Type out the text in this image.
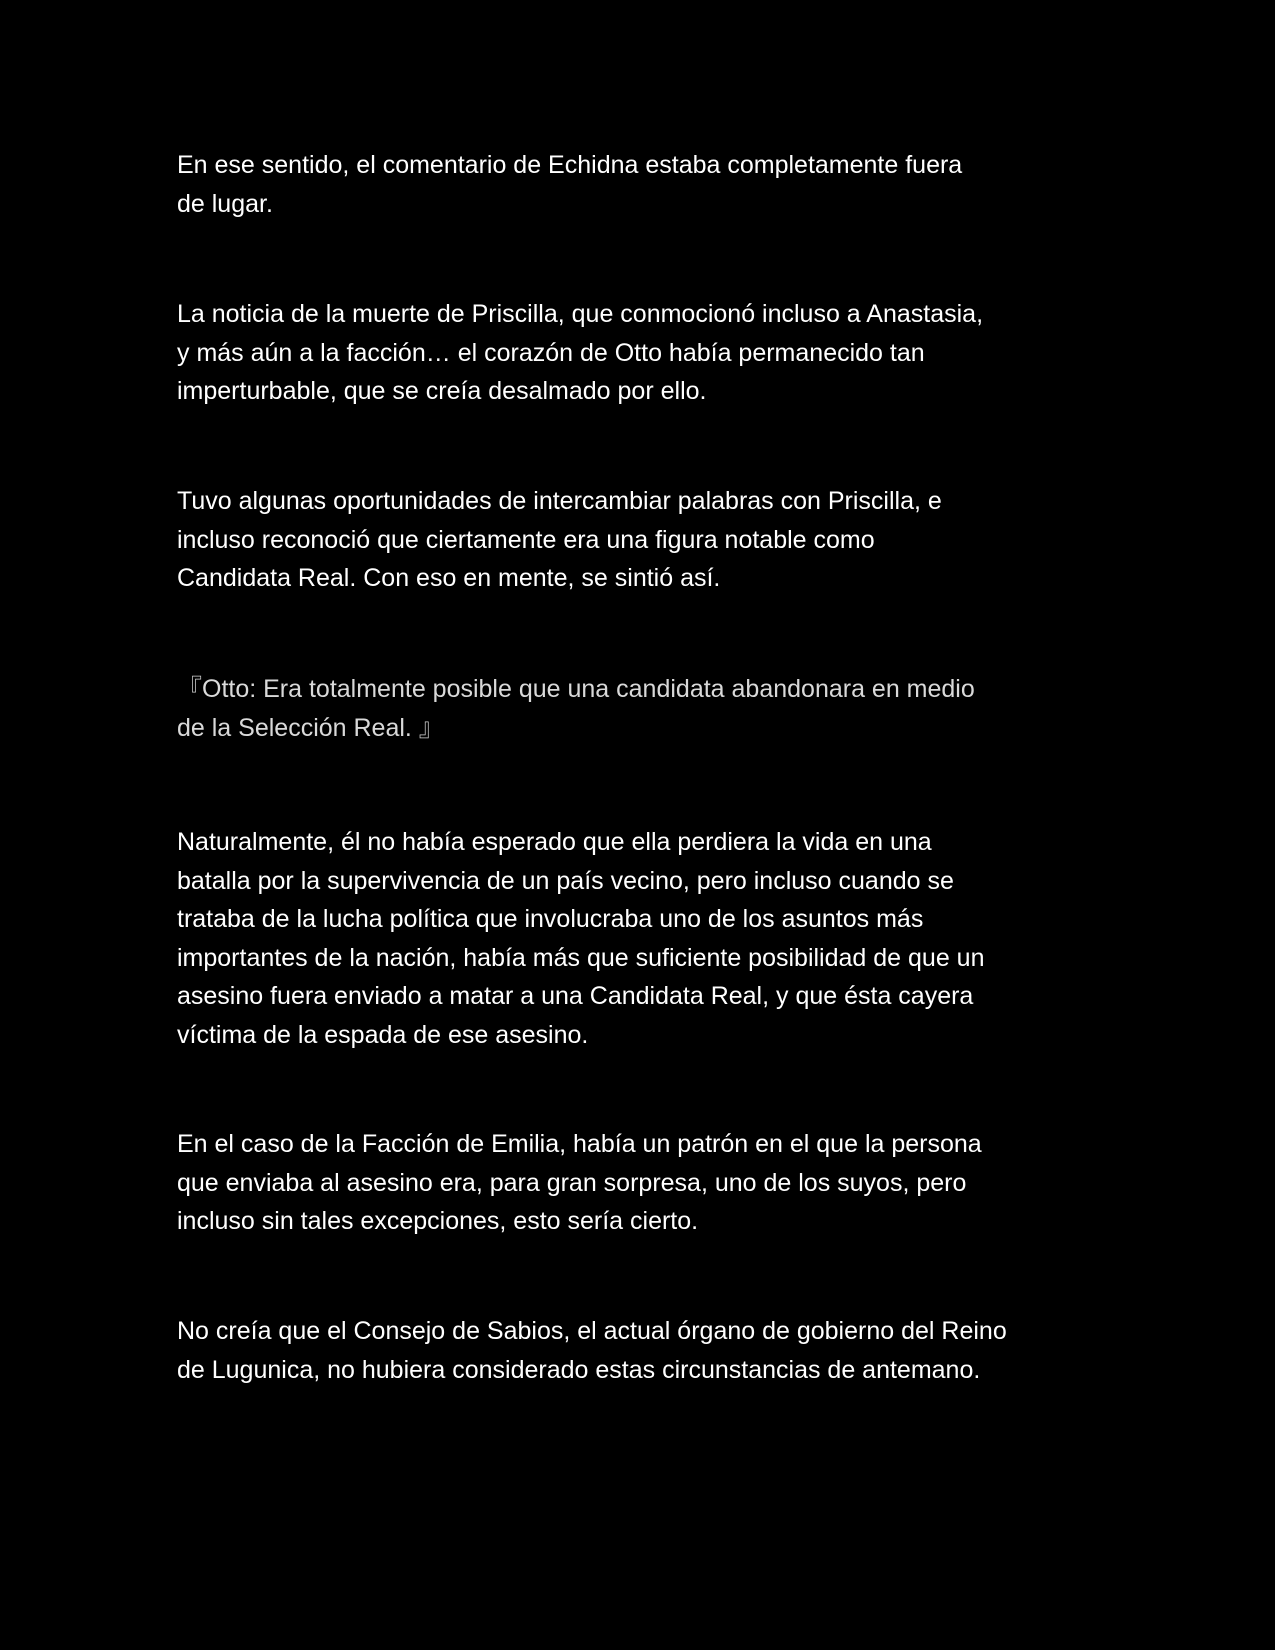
En ese sentido, el comentario de Echidna estaba completamente fuera
de lugar.

La noticia de la muerte de Priscilla, que conmocionó incluso a Anastasia,
y más aún a la facción… el corazón de Otto había permanecido tan
imperturbable, que se creía desalmado por ello.

Tuvo algunas oportunidades de intercambiar palabras con Priscilla, e
incluso reconoció que ciertamente era una figura notable como
Candidata Real. Con eso en mente, se sintió así.

『Otto: Era totalmente posible que una candidata abandonara en medio
de la Selección Real. 』

Naturalmente, él no había esperado que ella perdiera la vida en una
batalla por la supervivencia de un país vecino, pero incluso cuando se
trataba de la lucha política que involucraba uno de los asuntos más
importantes de la nación, había más que suficiente posibilidad de que un
asesino fuera enviado a matar a una Candidata Real, y que ésta cayera
víctima de la espada de ese asesino.

En el caso de la Facción de Emilia, había un patrón en el que la persona
que enviaba al asesino era, para gran sorpresa, uno de los suyos, pero
incluso sin tales excepciones, esto sería cierto.

No creía que el Consejo de Sabios, el actual órgano de gobierno del Reino
de Lugunica, no hubiera considerado estas circunstancias de antemano.
